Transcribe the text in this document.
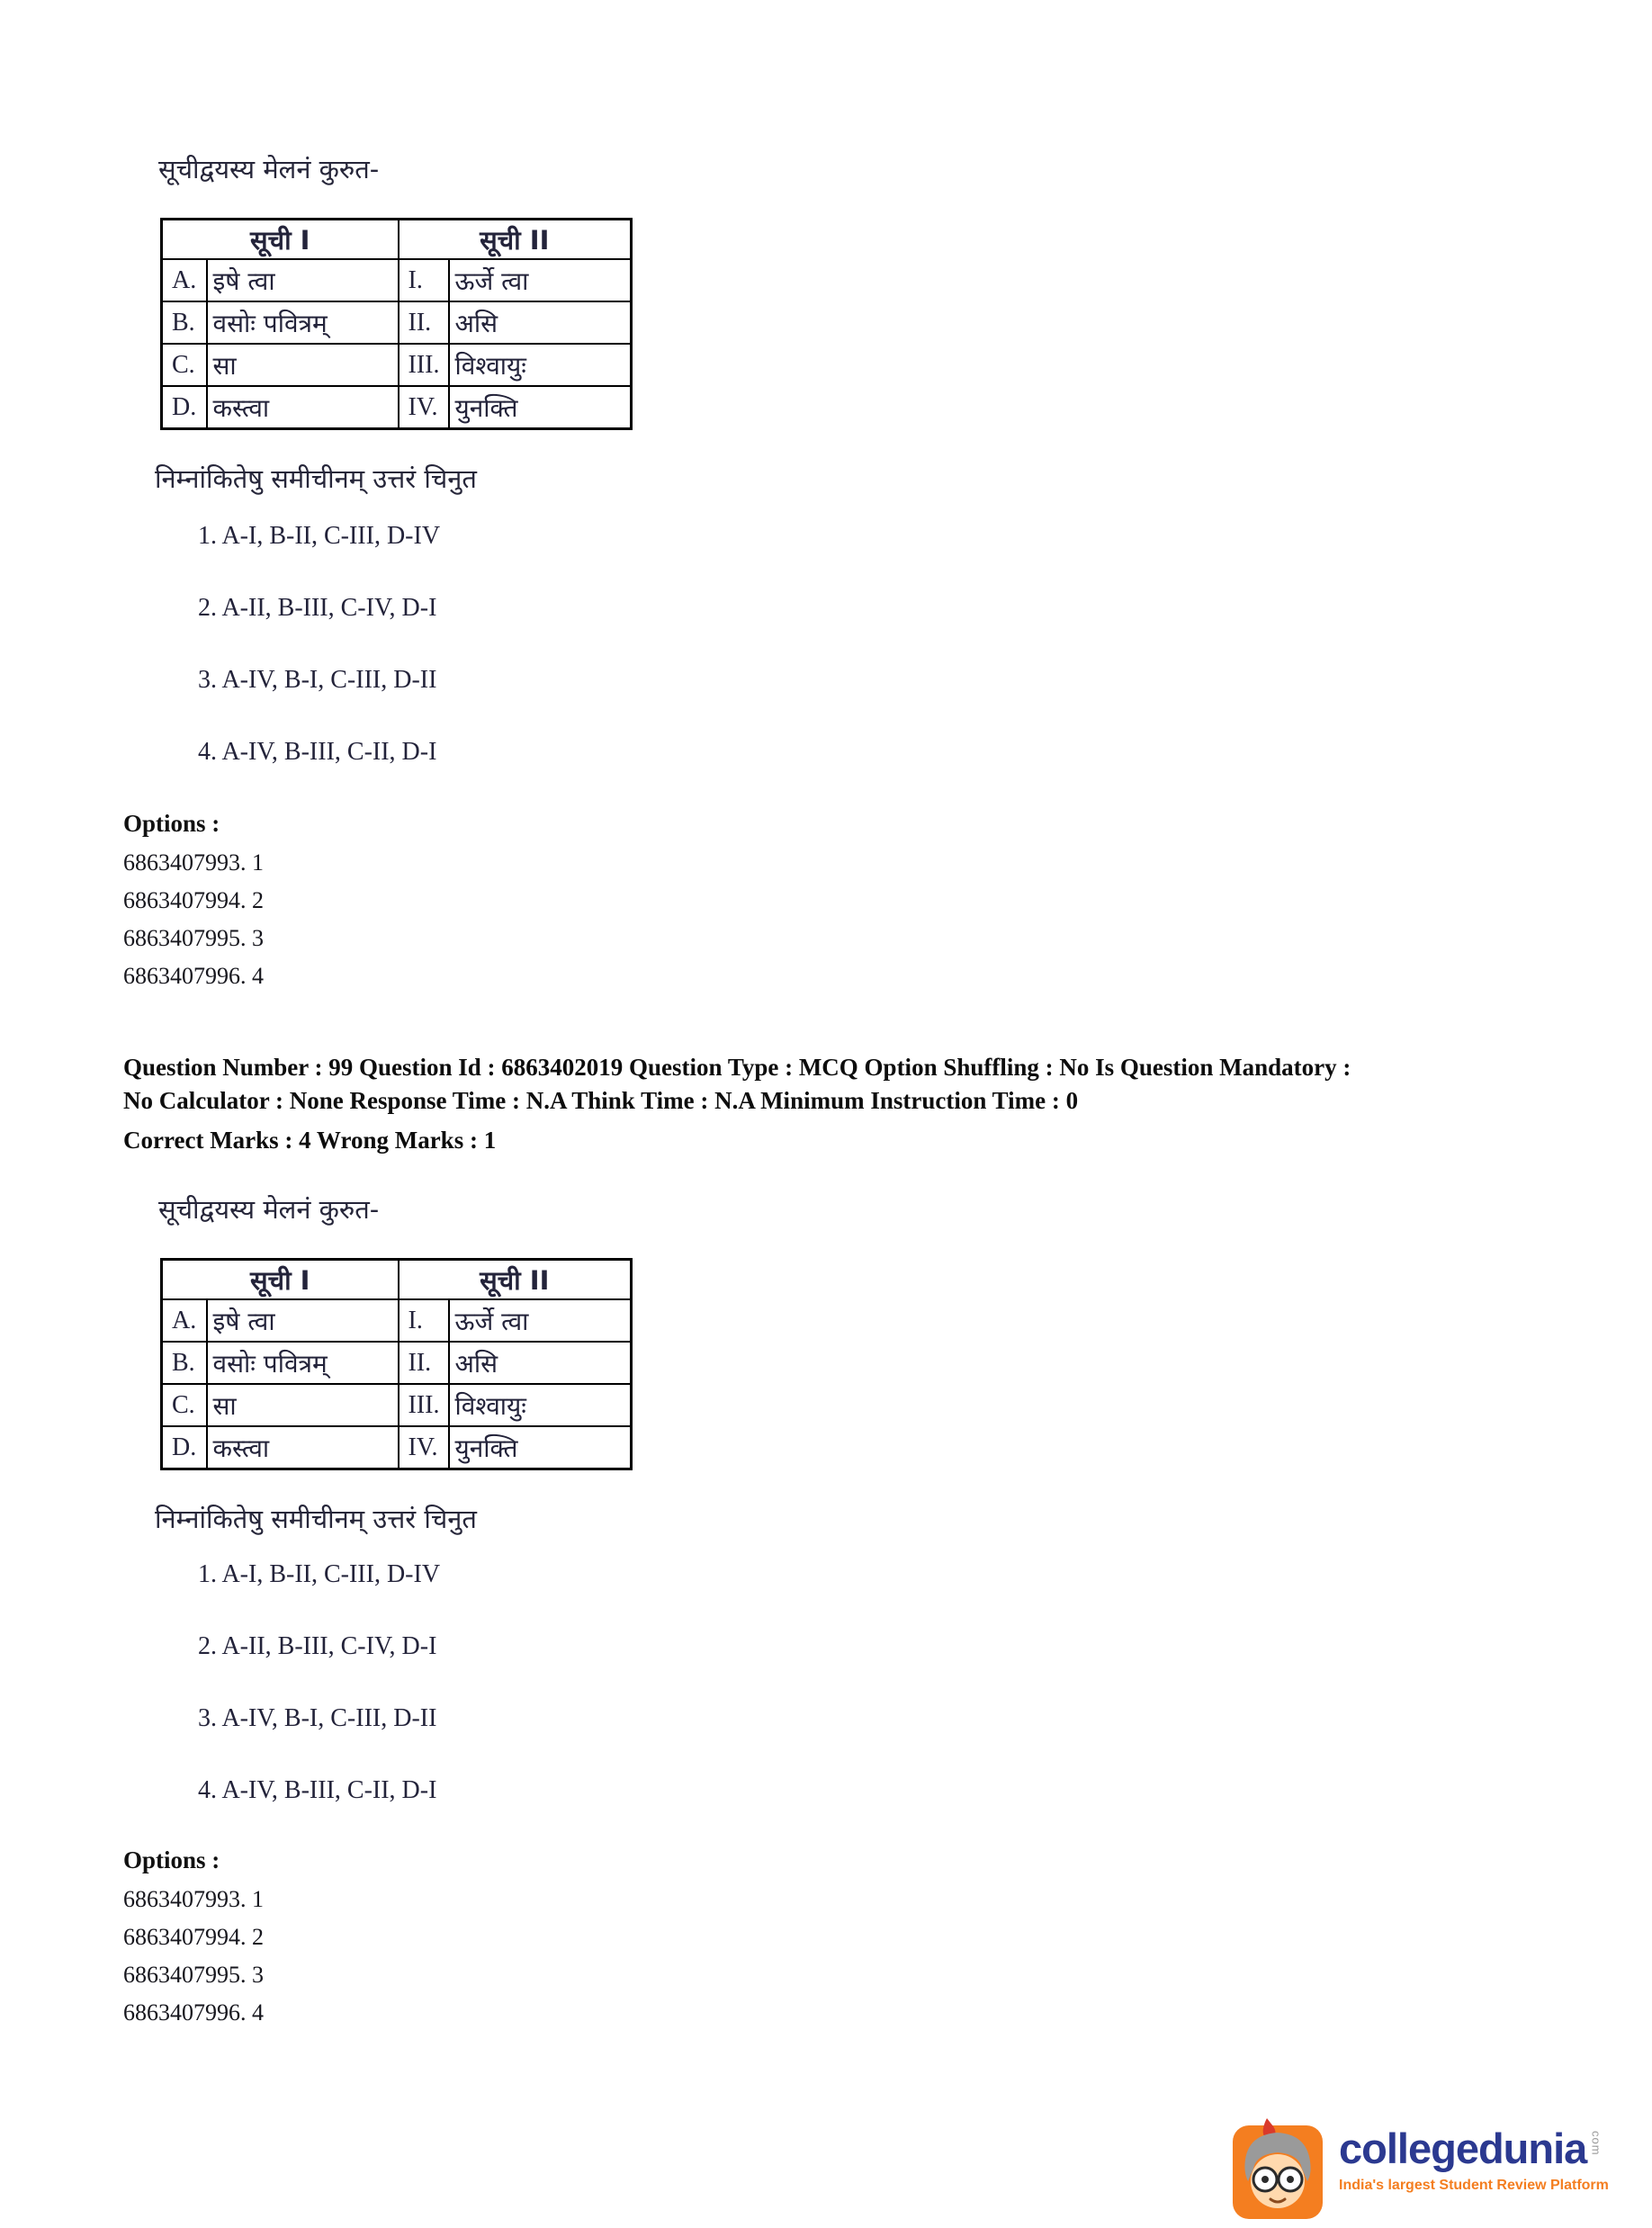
सूचीद्वयस्य मेलनं कुरुत-
सूची I		सूची II	
A.	इषे त्वा	I.	ऊर्जे त्वा
B.	वसोः पवित्रम्	II.	असि
C.	सा	III.	विश्वायुः
D.	कस्त्वा	IV.	युनक्ति
निम्नांकितेषु समीचीनम् उत्तरं चिनुत
1. A-I, B-II, C-III, D-IV
2. A-II, B-III, C-IV, D-I
3. A-IV, B-I, C-III, D-II
4. A-IV, B-III, C-II, D-I
Options :
6863407993. 1
6863407994. 2
6863407995. 3
6863407996. 4
Question Number : 99 Question Id : 6863402019 Question Type : MCQ Option Shuffling : No Is Question Mandatory :
No Calculator : None Response Time : N.A Think Time : N.A Minimum Instruction Time : 0
Correct Marks : 4 Wrong Marks : 1
सूचीद्वयस्य मेलनं कुरुत-
सूची I		सूची II	
A.	इषे त्वा	I.	ऊर्जे त्वा
B.	वसोः पवित्रम्	II.	असि
C.	सा	III.	विश्वायुः
D.	कस्त्वा	IV.	युनक्ति
निम्नांकितेषु समीचीनम् उत्तरं चिनुत
1. A-I, B-II, C-III, D-IV
2. A-II, B-III, C-IV, D-I
3. A-IV, B-I, C-III, D-II
4. A-IV, B-III, C-II, D-I
Options :
6863407993. 1
6863407994. 2
6863407995. 3
6863407996. 4
collegedunia com
India's largest Student Review Platform
